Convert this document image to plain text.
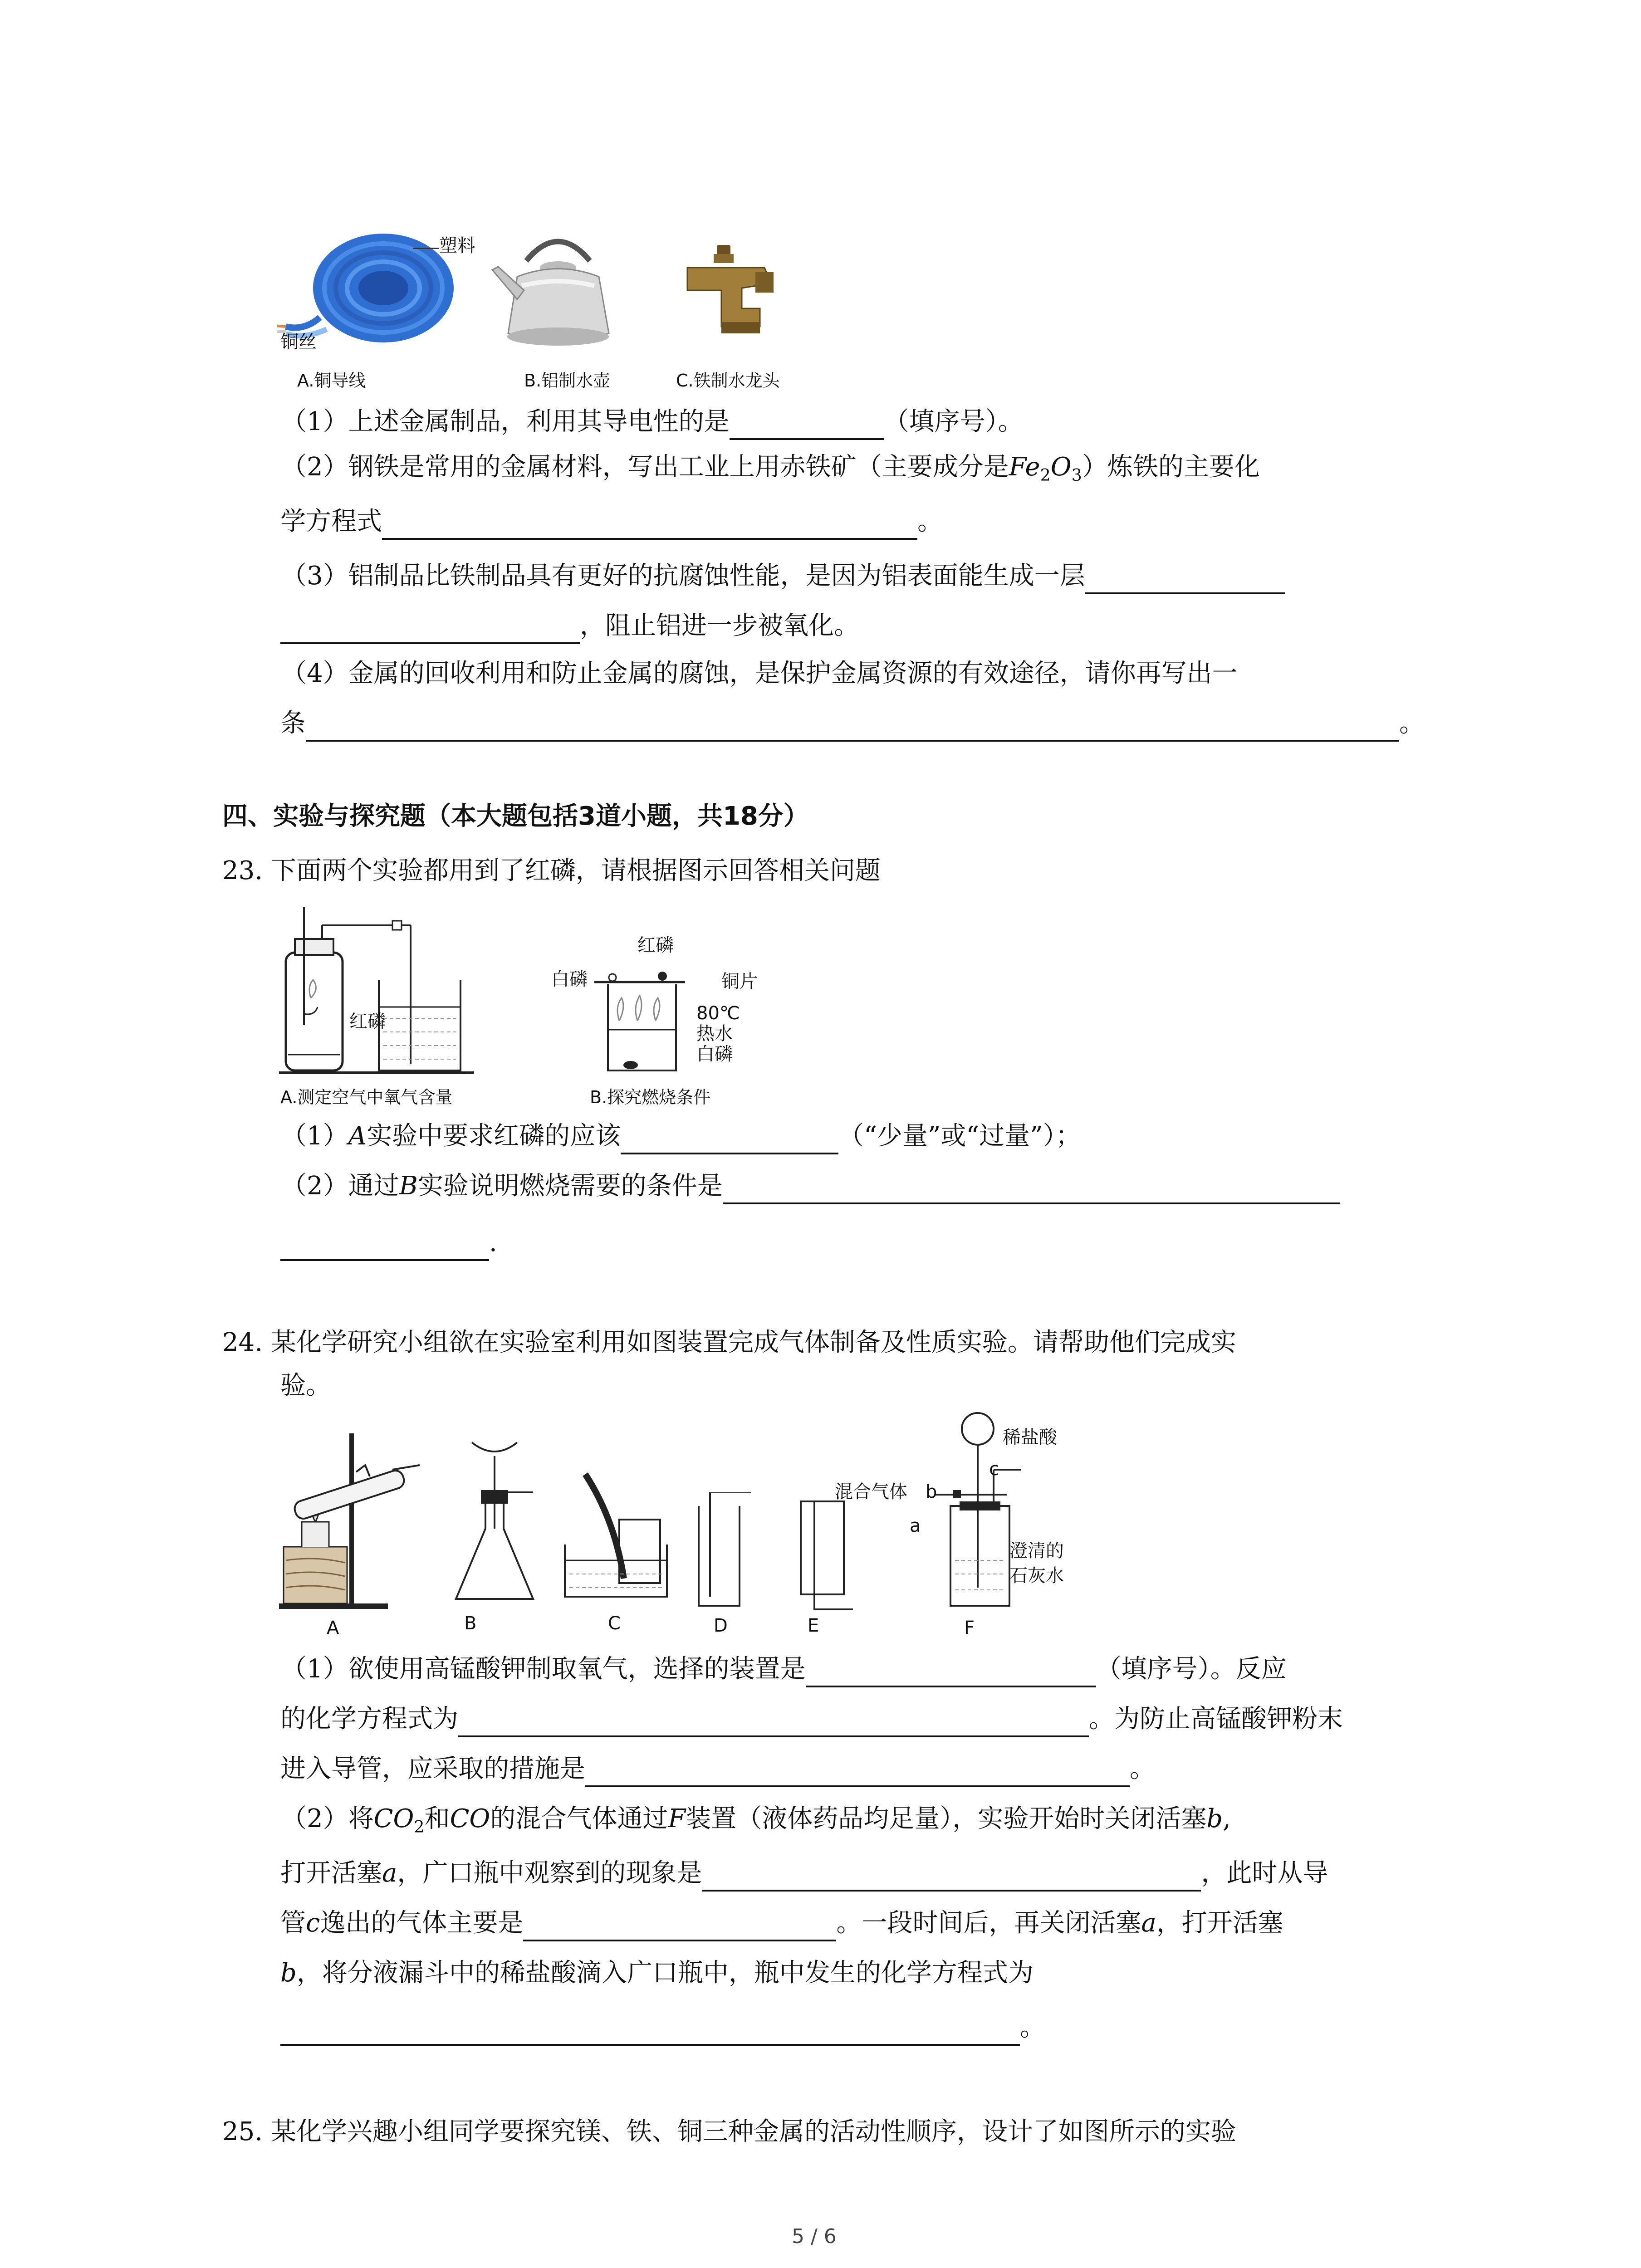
塑料
铜丝
A.铜导线	B.铝制水壶	C.铁制水龙头
（1）上述金属制品，利用其导电性的是	（填序号）。
（2）钢铁是常用的金属材料，写出工业上用赤铁矿（主要成分是$Fe_2O_3$）炼铁的主要化
学方程式	。
（3）铝制品比铁制品具有更好的抗腐蚀性能，是因为铝表面能生成一层
，阻止铝进一步被氧化。
（4）金属的回收利用和防止金属的腐蚀，是保护金属资源的有效途径，请你再写出一
条	。
四、实验与探究题（本大题包括3道小题，共18分）
23. 下面两个实验都用到了红磷，请根据图示回答相关问题
红磷
红磷
白磷	铜片
80℃
热水
白磷
A.测定空气中氧气含量	B.探究燃烧条件
（1）A实验中要求红磷的应该	（“少量”或“过量”）；
（2）通过B实验说明燃烧需要的条件是
.
24. 某化学研究小组欲在实验室利用如图装置完成气体制备及性质实验。请帮助他们完成实
验。
混合气体 b
c
a
稀盐酸
澄清的
石灰水
A	B	C	D	E	F
（1）欲使用高锰酸钾制取氧气，选择的装置是	（填序号）。反应
的化学方程式为	。为防止高锰酸钾粉末
进入导管，应采取的措施是	。
（2）将$CO_2$和CO的混合气体通过F装置（液体药品均足量），实验开始时关闭活塞b,
打开活塞a，广口瓶中观察到的现象是	，此时从导
管c逸出的气体主要是	。一段时间后，再关闭活塞a，打开活塞
b，将分液漏斗中的稀盐酸滴入广口瓶中，瓶中发生的化学方程式为
。
25. 某化学兴趣小组同学要探究镁、铁、铜三种金属的活动性顺序，设计了如图所示的实验
5 / 6
